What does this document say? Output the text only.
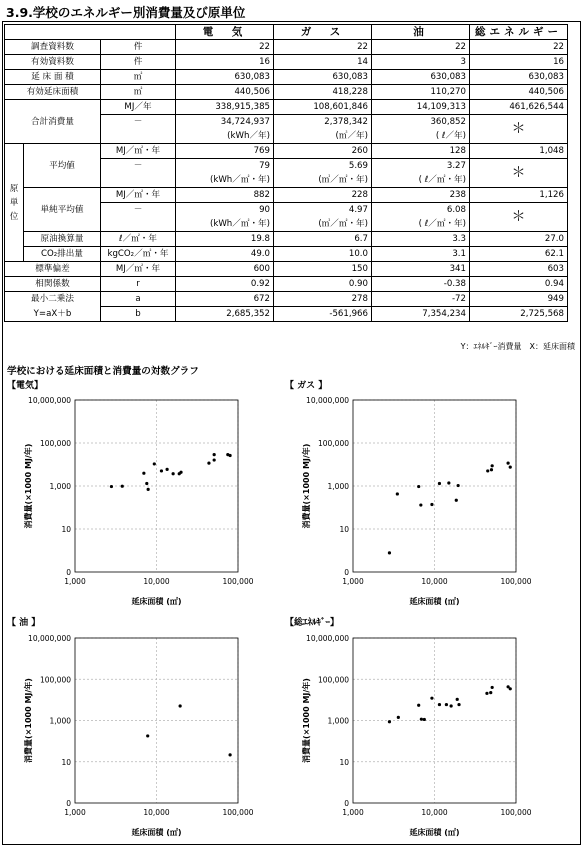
3.9.学校のエネルギー別消費量及び原単位
			電　気	ガ　ス	油	総エネルギー
調査資料数		件	22	22	22	22
有効資料数		件	16	14	3	16
延 床 面 積		㎡	630,083	630,083	630,083	630,083
有効延床面積		㎡	440,506	418,228	110,270	440,506
合計消費量		MJ／年	338,915,385	108,601,846	14,109,313	461,626,544
		－	34,724,937	2,378,342	360,852	＊
			(kWh／年)	(㎥／年)	( ℓ／年)	
原
単
位	平均値	MJ／㎡・年	769	260	128	1,048
		－	79	5.69	3.27	＊
			(kWh／㎡・年)	(㎥／㎡・年)	( ℓ／㎡・年)	
	単純平均値	MJ／㎡・年	882	228	238	1,126
		－	90	4.97	6.08	＊
			(kWh／㎡・年)	(㎥／㎡・年)	( ℓ／㎡・年)	
	原油換算量	ℓ／㎡・年	19.8	6.7	3.3	27.0
	CO₂排出量	kgCO₂／㎡・年	49.0	10.0	3.1	62.1
標準偏差		MJ／㎡・年	600	150	341	603
相関係数		r	0.92	0.90	-0.38	0.94
最小二乗法		a	672	278	-72	949
Y=aX＋b		b	2,685,352	-561,966	7,354,234	2,725,568
Y：ｴﾈﾙｷﾞｰ消費量　X：延床面積
学校における延床面積と消費量の対数グラフ
【電気】	【 ガス 】
【 油 】	【総ｴﾈﾙｷﾞｰ】
0
10
1,000
100,000
10,000,000
1,000	10,000	100,000
延床面積 (㎡)
消費量(×1000 MJ/年)
0
10
1,000
100,000
10,000,000
1,000	10,000	100,000
延床面積 (㎡)
消費量(×1000 MJ/年)
0
10
1,000
100,000
10,000,000
1,000	10,000	100,000
延床面積 (㎡)
消費量(×1000 MJ/年)
0
10
1,000
100,000
10,000,000
1,000	10,000	100,000
延床面積 (㎡)
消費量(×1000 MJ/年)
